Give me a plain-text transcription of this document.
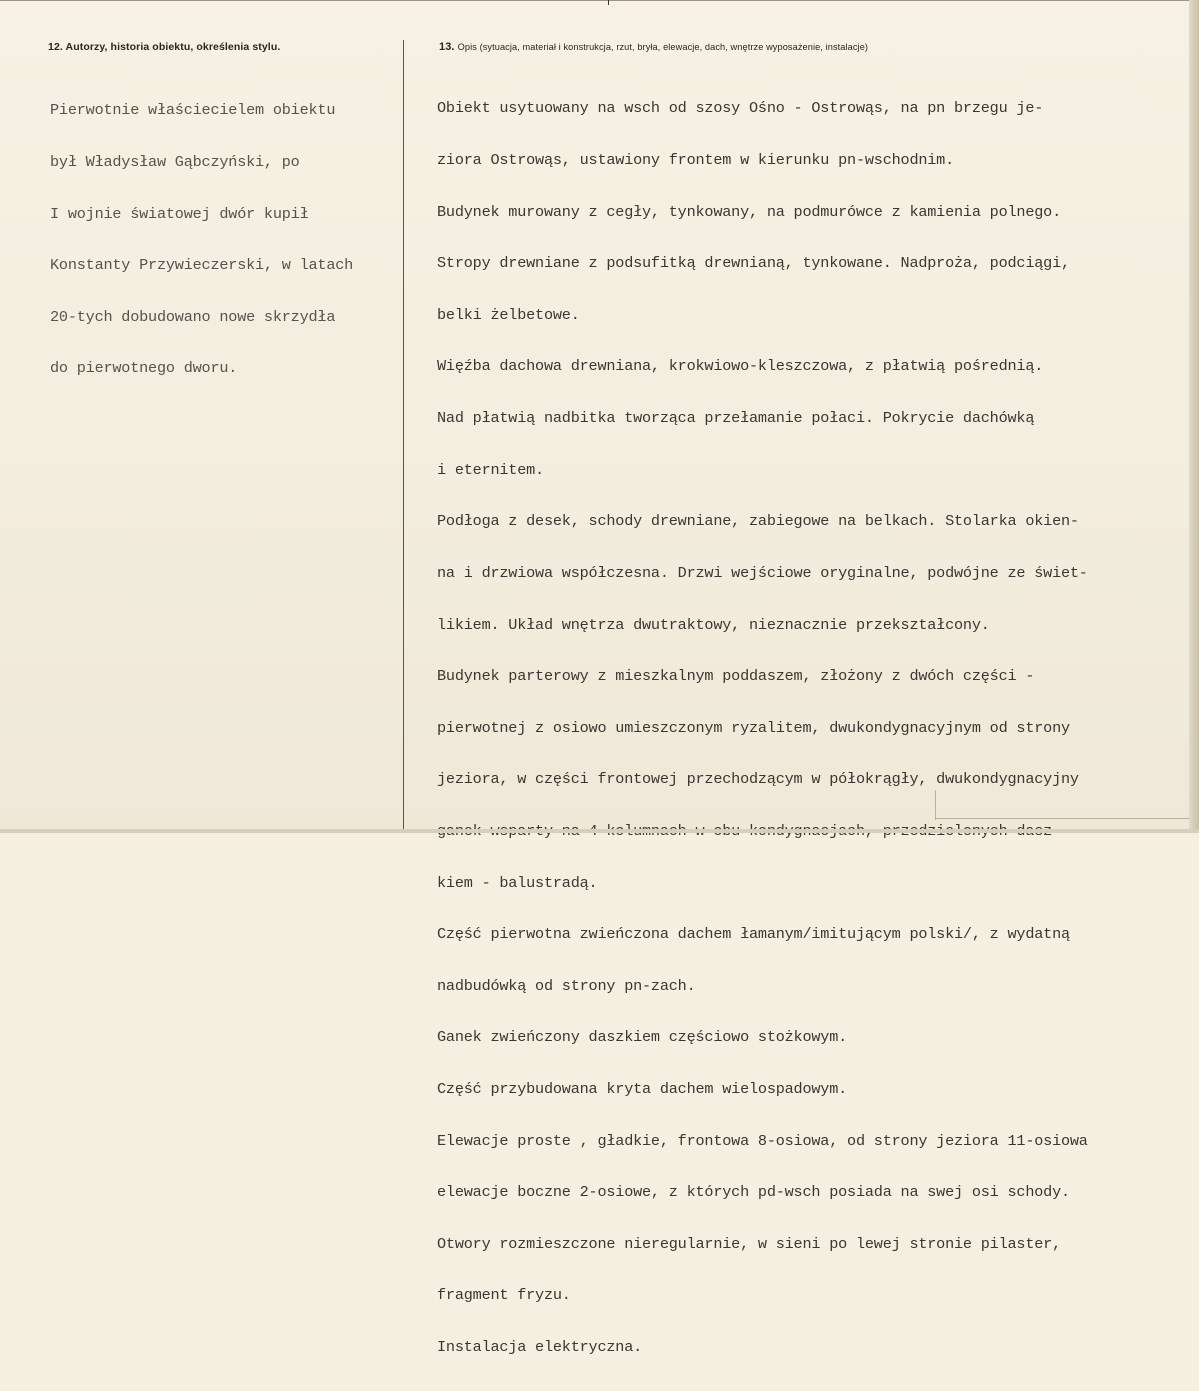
12. Autorzy, historia obiektu, określenia stylu.	13. Opis (sytuacja, materiał i konstrukcja, rzut, bryła, elewacje, dach, wnętrze wyposażenie, instalacje)

Pierwotnie właściecielem obiektu

był Władysław Gąbczyński, po

I wojnie światowej dwór kupił

Konstanty Przywieczerski, w latach

20-tych dobudowano nowe skrzydła

do pierwotnego dworu.

Obiekt usytuowany na wsch od szosy Ośno - Ostrowąs, na pn brzegu je-

ziora Ostrowąs, ustawiony frontem w kierunku pn-wschodnim.

Budynek murowany z cegły, tynkowany, na podmurówce z kamienia polnego.

Stropy drewniane z podsufitką drewnianą, tynkowane. Nadproża, podciągi,

belki żelbetowe.

Więźba dachowa drewniana, krokwiowo-kleszczowa, z płatwią pośrednią.

Nad płatwią nadbitka tworząca przełamanie połaci. Pokrycie dachówką

i eternitem.

Podłoga z desek, schody drewniane, zabiegowe na belkach. Stolarka okien-

na i drzwiowa współczesna. Drzwi wejściowe oryginalne, podwójne ze świet-

likiem. Układ wnętrza dwutraktowy, nieznacznie przekształcony.

Budynek parterowy z mieszkalnym poddaszem, złożony z dwóch części -

pierwotnej z osiowo umieszczonym ryzalitem, dwukondygnacyjnym od strony

jeziora, w części frontowej przechodzącym w półokrągły, dwukondygnacyjny

kiem - balustradą.

Część pierwotna zwieńczona dachem łamanym/imitującym polski/, z wydatną

nadbudówką od strony pn-zach.

Ganek zwieńczony daszkiem częściowo stożkowym.

Część przybudowana kryta dachem wielospadowym.

Elewacje proste , gładkie, frontowa 8-osiowa, od strony jeziora 11-osiowa

elewacje boczne 2-osiowe, z których pd-wsch posiada na swej osi schody.

Otwory rozmieszczone nieregularnie, w sieni po lewej stronie pilaster,

fragment fryzu.

Instalacja elektryczna.
